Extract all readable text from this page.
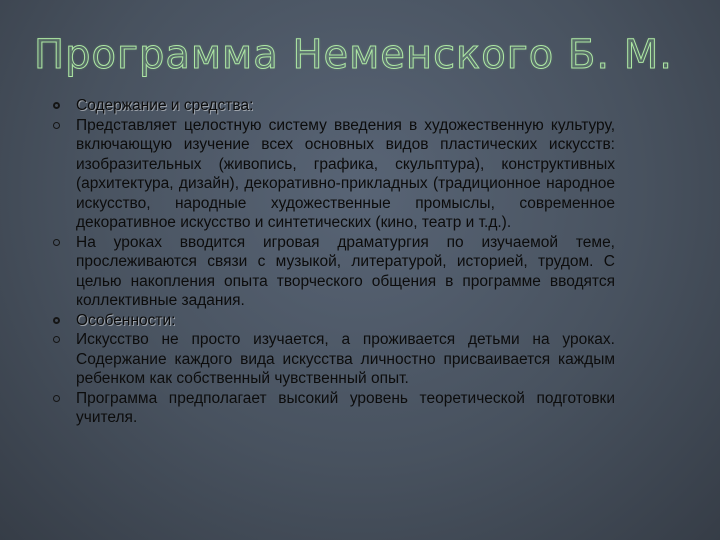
Программа Неменского Б. М.
Содержание и средства:
Представляет целостную систему введения в художественную культуру, включающую изучение всех основных видов пластических искусств: изобразительных (живопись, графика, скульптура), конструктивных (архитектура, дизайн), декоративно-прикладных (традиционное народное искусство, народные художественные промыслы, современное декоративное искусство и синтетических (кино, театр и т.д.).
На уроках вводится игровая драматургия по изучаемой теме, прослеживаются связи с музыкой, литературой, историей, трудом. С целью накопления опыта творческого общения в программе вводятся коллективные задания.
Особенности:
Искусство не просто изучается, а проживается детьми на уроках. Содержание каждого вида искусства личностно присваивается каждым ребенком как собственный чувственный опыт.
Программа предполагает высокий уровень теоретической подготовки учителя.
